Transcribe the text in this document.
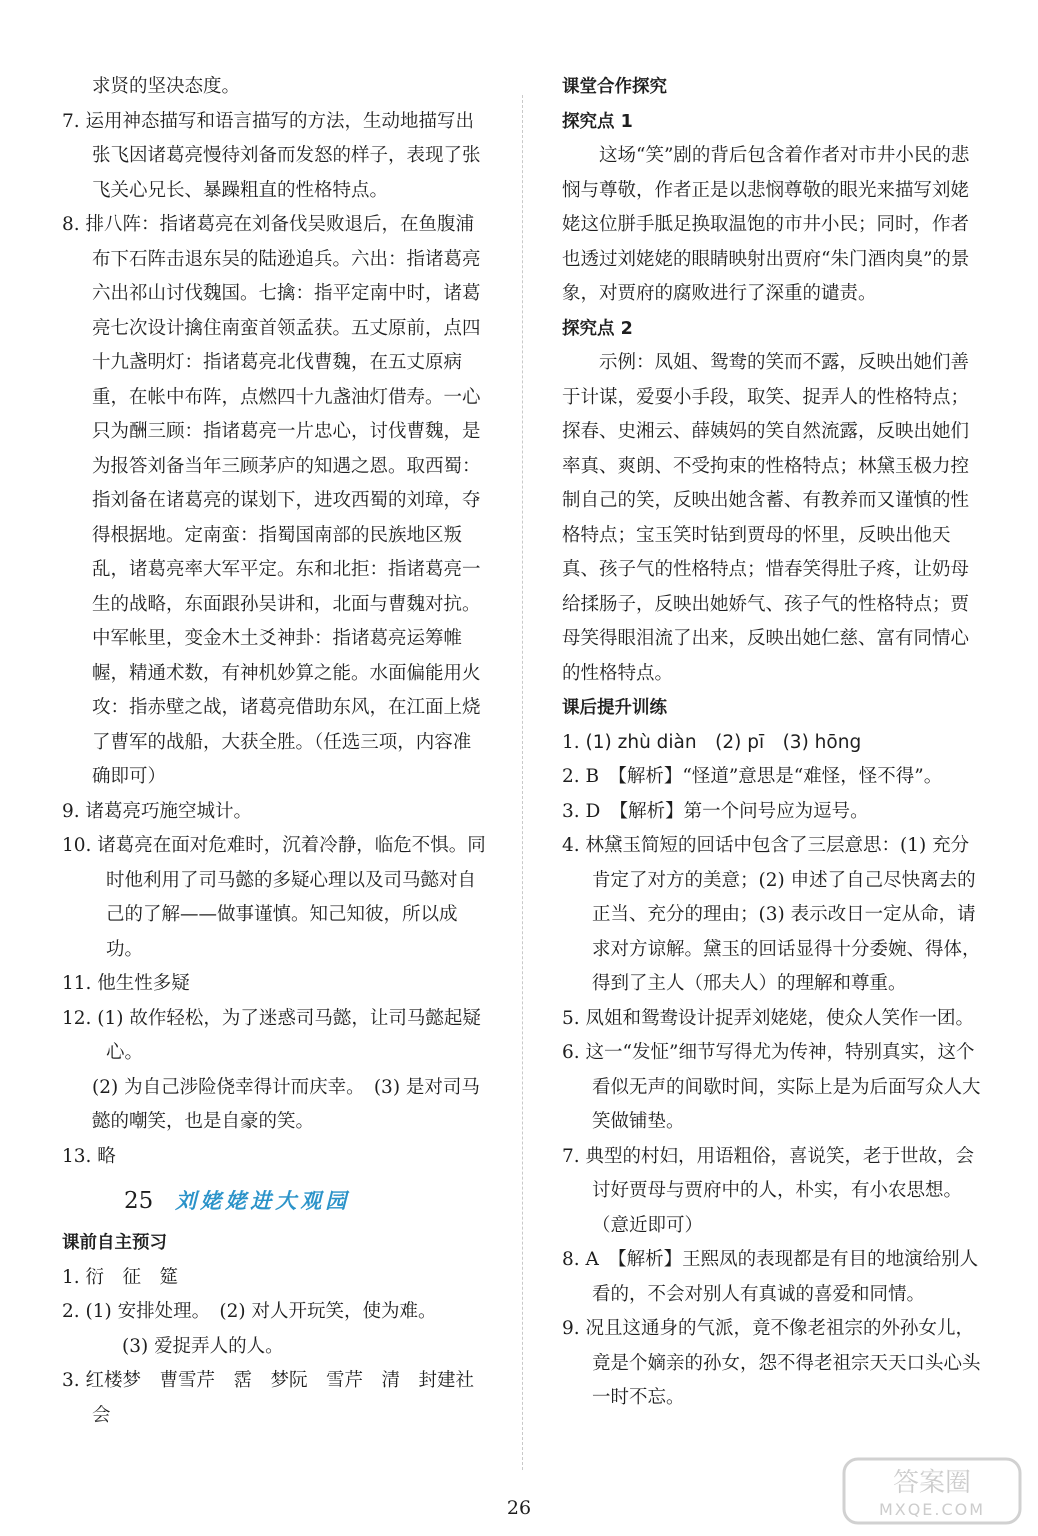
求贤的坚决态度。
7. 运用神态描写和语言描写的方法，生动地描写出张飞因诸葛亮慢待刘备而发怒的样子，表现了张飞关心兄长、暴躁粗直的性格特点。
8. 排八阵：指诸葛亮在刘备伐吴败退后，在鱼腹浦布下石阵击退东吴的陆逊追兵。六出：指诸葛亮六出祁山讨伐魏国。七擒：指平定南中时，诸葛亮七次设计擒住南蛮首领孟获。五丈原前，点四十九盏明灯：指诸葛亮北伐曹魏，在五丈原病重，在帐中布阵，点燃四十九盏油灯借寿。一心只为酬三顾：指诸葛亮一片忠心，讨伐曹魏，是为报答刘备当年三顾茅庐的知遇之恩。取西蜀：指刘备在诸葛亮的谋划下，进攻西蜀的刘璋，夺得根据地。定南蛮：指蜀国南部的民族地区叛乱，诸葛亮率大军平定。东和北拒：指诸葛亮一生的战略，东面跟孙吴讲和，北面与曹魏对抗。中军帐里，变金木土爻神卦：指诸葛亮运筹帷幄，精通术数，有神机妙算之能。水面偏能用火攻：指赤壁之战，诸葛亮借助东风，在江面上烧了曹军的战船，大获全胜。（任选三项，内容准确即可）
9. 诸葛亮巧施空城计。
10. 诸葛亮在面对危难时，沉着冷静，临危不惧。同时他利用了司马懿的多疑心理以及司马懿对自己的了解——做事谨慎。知己知彼，所以成功。
11. 他生性多疑
12. (1) 故作轻松，为了迷惑司马懿，让司马懿起疑心。
(2) 为自己涉险侥幸得计而庆幸。　(3) 是对司马懿的嘲笑，也是自豪的笑。
13. 略
25 刘姥姥进大观园
课前自主预习
1. 衍　征　筵
2. (1) 安排处理。　(2) 对人开玩笑，使为难。
(3) 爱捉弄人的人。
3. 红楼梦　曹雪芹　霑　梦阮　雪芹　清　封建社会
课堂合作探究
探究点 1
这场“笑”剧的背后包含着作者对市井小民的悲悯与尊敬，作者正是以悲悯尊敬的眼光来描写刘姥姥这位胼手胝足换取温饱的市井小民；同时，作者也透过刘姥姥的眼睛映射出贾府“朱门酒肉臭”的景象，对贾府的腐败进行了深重的谴责。
探究点 2
示例：凤姐、鸳鸯的笑而不露，反映出她们善于计谋，爱耍小手段，取笑、捉弄人的性格特点；探春、史湘云、薛姨妈的笑自然流露，反映出她们率真、爽朗、不受拘束的性格特点；林黛玉极力控制自己的笑，反映出她含蓄、有教养而又谨慎的性格特点；宝玉笑时钻到贾母的怀里，反映出他天真、孩子气的性格特点；惜春笑得肚子疼，让奶母给揉肠子，反映出她娇气、孩子气的性格特点；贾母笑得眼泪流了出来，反映出她仁慈、富有同情心的性格特点。
课后提升训练
1. (1) zhù diàn　(2) pī　(3) hōng
2. B　【解析】“怪道”意思是“难怪，怪不得”。
3. D　【解析】第一个问号应为逗号。
4. 林黛玉简短的回话中包含了三层意思：(1) 充分肯定了对方的美意；(2) 申述了自己尽快离去的正当、充分的理由；(3) 表示改日一定从命，请求对方谅解。黛玉的回话显得十分委婉、得体，得到了主人（邢夫人）的理解和尊重。
5. 凤姐和鸳鸯设计捉弄刘姥姥，使众人笑作一团。
6. 这一“发怔”细节写得尤为传神，特别真实，这个看似无声的间歇时间，实际上是为后面写众人大笑做铺垫。
7. 典型的村妇，用语粗俗，喜说笑，老于世故，会讨好贾母与贾府中的人，朴实，有小农思想。（意近即可）
8. A　【解析】王熙凤的表现都是有目的地演给别人看的，不会对别人有真诚的喜爱和同情。
9. 况且这通身的气派，竟不像老祖宗的外孙女儿，竟是个嫡亲的孙女，怨不得老祖宗天天口头心头一时不忘。
26
答案圈
MXQE.COM
